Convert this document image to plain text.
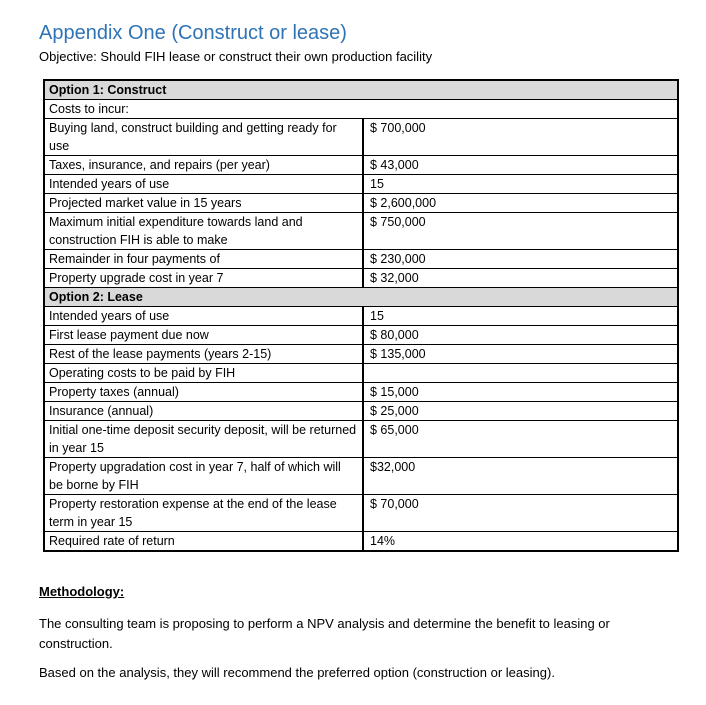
Appendix One (Construct or lease)

Objective: Should FIH lease or construct their own production facility

Option 1: Construct	
Costs to incur:	
Buying land, construct building and getting ready for use	$ 700,000
Taxes, insurance, and repairs (per year)	$ 43,000
Intended years of use	15
Projected market value in 15 years	$ 2,600,000
Maximum initial expenditure towards land and construction FIH is able to make	$ 750,000
Remainder in four payments of	$ 230,000
Property upgrade cost in year 7	$ 32,000
Option 2: Lease	
Intended years of use	15
First lease payment due now	$ 80,000
Rest of the lease payments (years 2-15)	$ 135,000
Operating costs to be paid by FIH	
Property taxes (annual)	$ 15,000
Insurance (annual)	$ 25,000
Initial one-time deposit security deposit, will be returned in year 15	$ 65,000
Property upgradation cost in year 7, half of which will be borne by FIH	$32,000
Property restoration expense at the end of the lease term in year 15	$ 70,000
Required rate of return	14%

Methodology:

The consulting team is proposing to perform a NPV analysis and determine the benefit to leasing or construction.

Based on the analysis, they will recommend the preferred option (construction or leasing).
